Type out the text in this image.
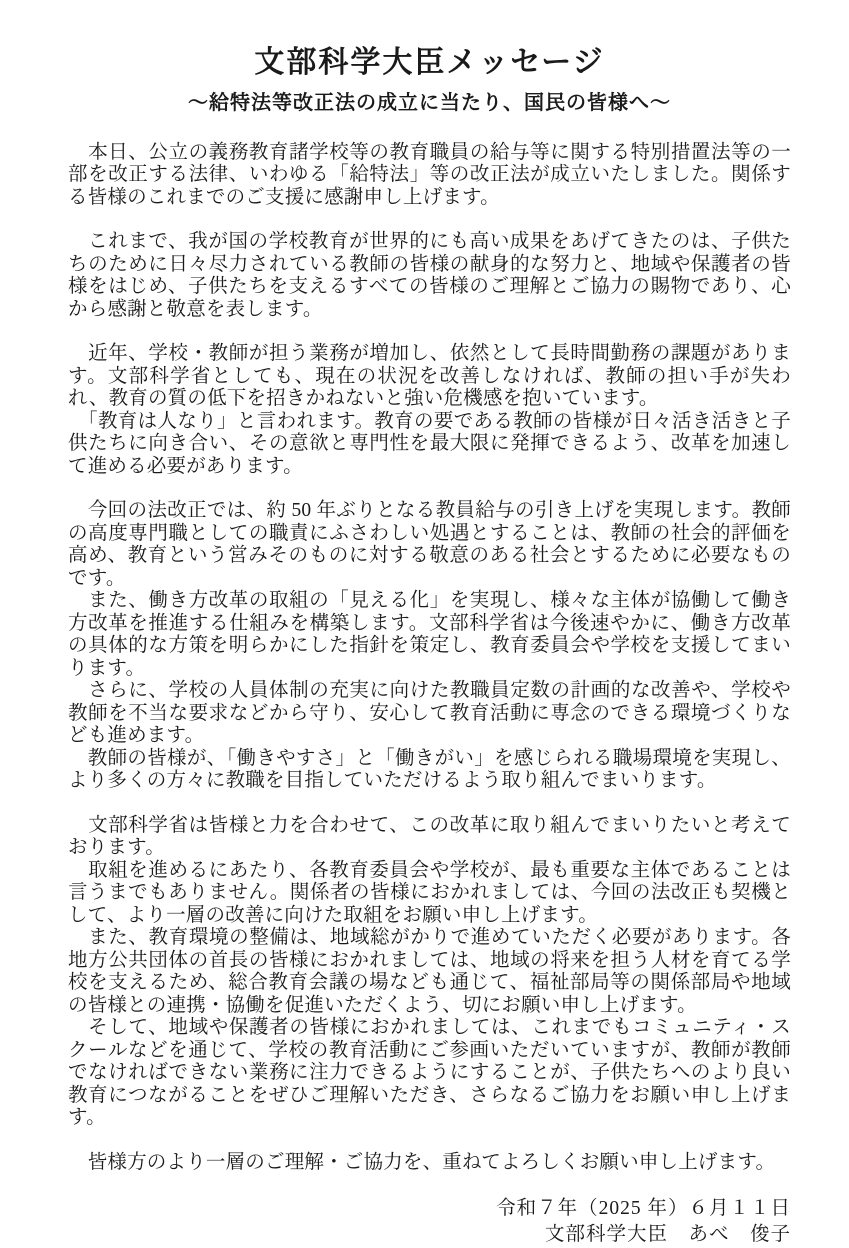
文部科学大臣メッセージ
～給特法等改正法の成立に当たり、国民の皆様へ～

　本日、公立の義務教育諸学校等の教育職員の給与等に関する特別措置法等の一部を改正する法律、いわゆる「給特法」等の改正法が成立いたしました。関係する皆様のこれまでのご支援に感謝申し上げます。

　これまで、我が国の学校教育が世界的にも高い成果をあげてきたのは、子供たちのために日々尽力されている教師の皆様の献身的な努力と、地域や保護者の皆様をはじめ、子供たちを支えるすべての皆様のご理解とご協力の賜物であり、心から感謝と敬意を表します。

　近年、学校・教師が担う業務が増加し、依然として長時間勤務の課題があります。文部科学省としても、現在の状況を改善しなければ、教師の担い手が失われ、教育の質の低下を招きかねないと強い危機感を抱いています。

　「教育は人なり」と言われます。教育の要である教師の皆様が日々活き活きと子供たちに向き合い、その意欲と専門性を最大限に発揮できるよう、改革を加速して進める必要があります。

　今回の法改正では、約 50 年ぶりとなる教員給与の引き上げを実現します。教師の高度専門職としての職責にふさわしい処遇とすることは、教師の社会的評価を高め、教育という営みそのものに対する敬意のある社会とするために必要なものです。

　また、働き方改革の取組の「見える化」を実現し、様々な主体が協働して働き方改革を推進する仕組みを構築します。文部科学省は今後速やかに、働き方改革の具体的な方策を明らかにした指針を策定し、教育委員会や学校を支援してまいります。

　さらに、学校の人員体制の充実に向けた教職員定数の計画的な改善や、学校や教師を不当な要求などから守り、安心して教育活動に専念のできる環境づくりなども進めます。

　教師の皆様が、「働きやすさ」と「働きがい」を感じられる職場環境を実現し、より多くの方々に教職を目指していただけるよう取り組んでまいります。

　文部科学省は皆様と力を合わせて、この改革に取り組んでまいりたいと考えております。

　取組を進めるにあたり、各教育委員会や学校が、最も重要な主体であることは言うまでもありません。関係者の皆様におかれましては、今回の法改正も契機として、より一層の改善に向けた取組をお願い申し上げます。

　また、教育環境の整備は、地域総がかりで進めていただく必要があります。各地方公共団体の首長の皆様におかれましては、地域の将来を担う人材を育てる学校を支えるため、総合教育会議の場なども通じて、福祉部局等の関係部局や地域の皆様との連携・協働を促進いただくよう、切にお願い申し上げます。

　そして、地域や保護者の皆様におかれましては、これまでもコミュニティ・スクールなどを通じて、学校の教育活動にご参画いただいていますが、教師が教師でなければできない業務に注力できるようにすることが、子供たちへのより良い教育につながることをぜひご理解いただき、さらなるご協力をお願い申し上げます。

　皆様方のより一層のご理解・ご協力を、重ねてよろしくお願い申し上げます。

令和７年（2025 年）６月１１日
文部科学大臣　あべ　俊子
